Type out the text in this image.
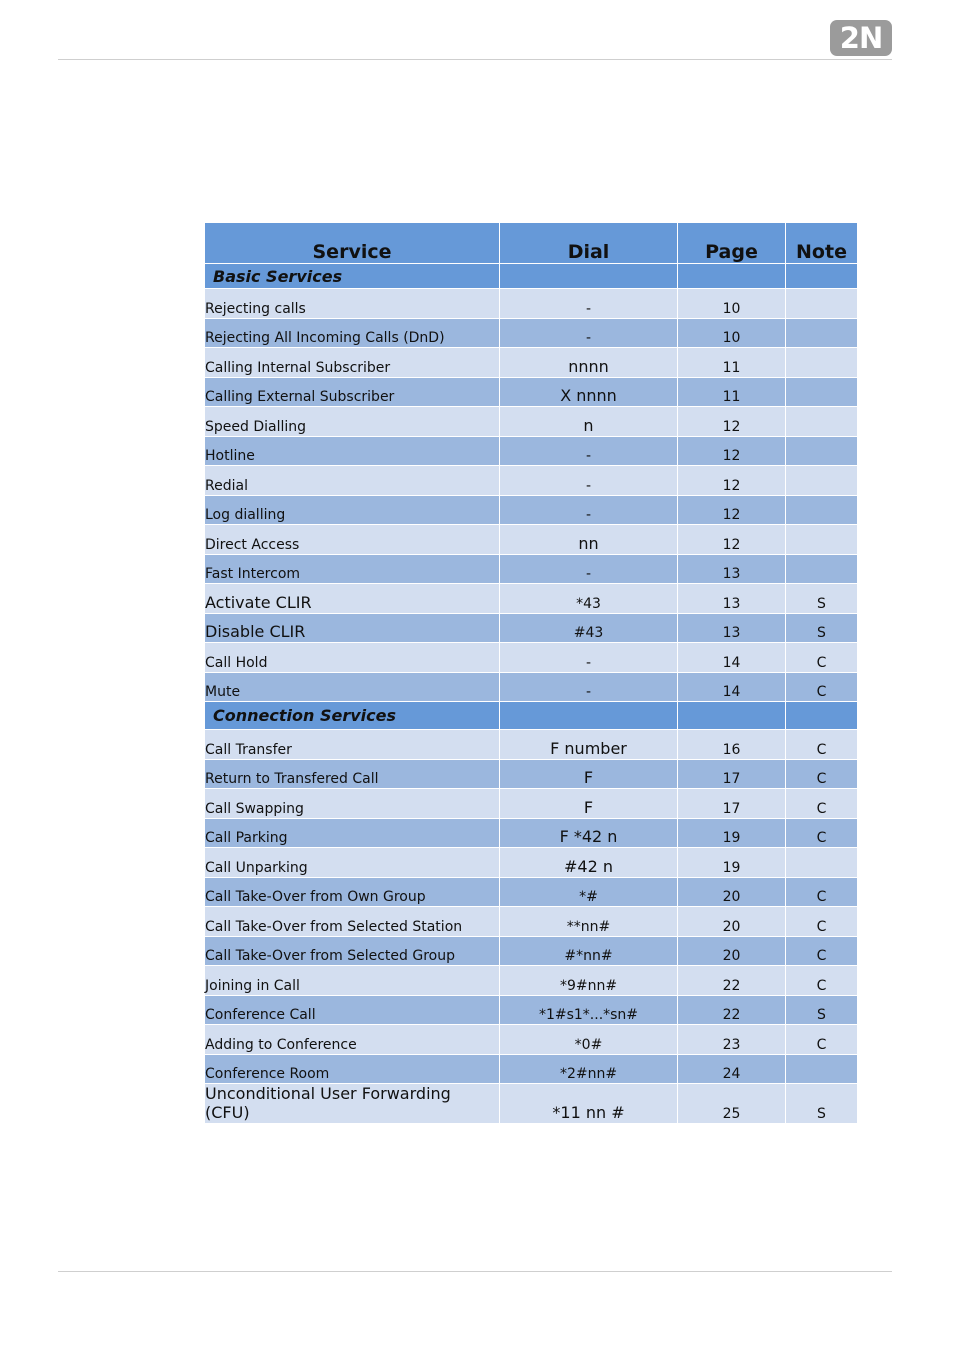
2N
Service	Dial	Page	Note
Basic Services			
Rejecting calls	-	10	
Rejecting All Incoming Calls (DnD)	-	10	
Calling Internal Subscriber	nnnn	11	
Calling External Subscriber	X nnnn	11	
Speed Dialling	n	12	
Hotline	-	12	
Redial	-	12	
Log dialling	-	12	
Direct Access	nn	12	
Fast Intercom	-	13	
Activate CLIR	*43	13	S
Disable CLIR	#43	13	S
Call Hold	-	14	C
Mute	-	14	C
Connection Services			
Call Transfer	F number	16	C
Return to Transfered Call	F	17	C
Call Swapping	F	17	C
Call Parking	F *42 n	19	C
Call Unparking	#42 n	19	
Call Take-Over from Own Group	*#	20	C
Call Take-Over from Selected Station	**nn#	20	C
Call Take-Over from Selected Group	#*nn#	20	C
Joining in Call	*9#nn#	22	C
Conference Call	*1#s1*...*sn#	22	S
Adding to Conference	*0#	23	C
Conference Room	*2#nn#	24	
Unconditional User Forwarding (CFU)	*11 nn #	25	S
